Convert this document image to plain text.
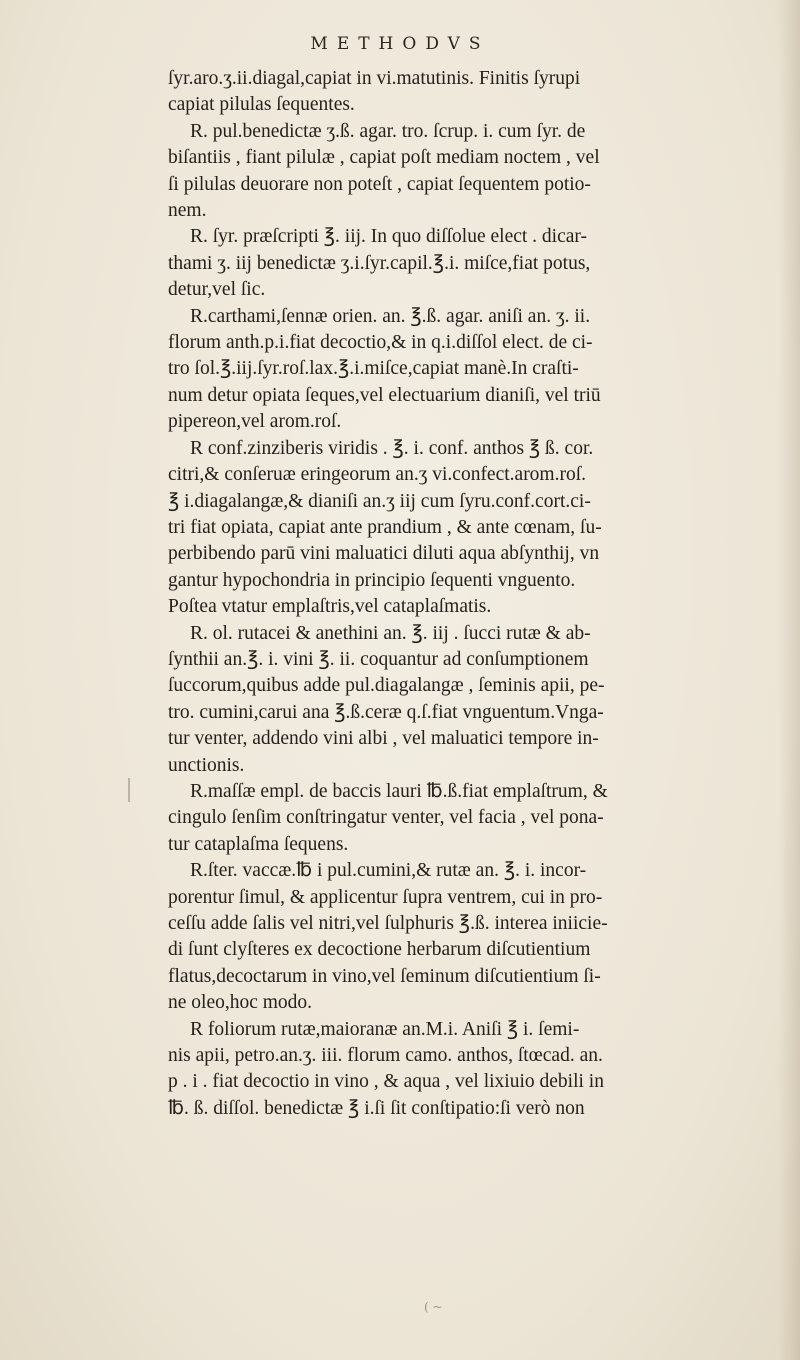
METHODVS
ſyr.aro.ʒ.ii.diagal,capiat in vi.matutinis. Finitis ſyrupi
capiat pilulas ſequentes.
R. pul.benedictæ ʒ.ß. agar. tro. ſcrup. i. cum ſyr. de
biſantiis , fiant pilulæ , capiat poſt mediam noctem , vel
ſi pilulas deuorare non poteſt , capiat ſequentem potio-
nem.
R. ſyr. præſcripti ℥. iij. In quo diſſolue elect . dicar-
thami ʒ. iij benedictæ ʒ.i.ſyr.capil.℥.i. miſce,fiat potus,
detur,vel ſic.
R.carthami,ſennæ orien. an. ℥.ß. agar. aniſi an. ʒ. ii.
florum anth.p.i.fiat decoctio,& in q.i.diſſol elect. de ci-
tro ſol.℥.iij.ſyr.roſ.lax.℥.i.miſce,capiat manè.In craſti-
num detur opiata ſeques,vel electuarium dianiſi, vel triū
pipereon,vel arom.roſ.
R conf.zinziberis viridis . ℥. i. conf. anthos ℥ ß. cor.
citri,& conſeruæ eringeorum an.ʒ vi.confect.arom.roſ.
℥ i.diagalangæ,& dianiſi an.ʒ iij cum ſyru.conf.cort.ci-
tri fiat opiata, capiat ante prandium , & ante cœnam, ſu-
perbibendo parū vini maluatici diluti aqua abſynthij, vn
gantur hypochondria in principio ſequenti vnguento.
Poſtea vtatur emplaſtris,vel cataplaſmatis.
R. ol. rutacei & anethini an. ℥. iij . ſucci rutæ & ab-
ſynthii an.℥. i. vini ℥. ii. coquantur ad conſumptionem
ſuccorum,quibus adde pul.diagalangæ , ſeminis apii, pe-
tro. cumini,carui ana ℥.ß.ceræ q.ſ.fiat vnguentum.Vnga-
tur venter, addendo vini albi , vel maluatici tempore in-
unctionis.
R.maſſæ empl. de baccis lauri ℔.ß.fiat emplaſtrum, &
cingulo ſenſim conſtringatur venter, vel facia , vel pona-
tur cataplaſma ſequens.
R.ſter. vaccæ.℔ i pul.cumini,& rutæ an. ℥. i. incor-
porentur ſimul, & applicentur ſupra ventrem, cui in pro-
ceſſu adde ſalis vel nitri,vel ſulphuris ℥.ß. interea iniicie-
di ſunt clyſteres ex decoctione herbarum diſcutientium
flatus,decoctarum in vino,vel ſeminum diſcutientium ſi-
ne oleo,hoc modo.
R foliorum rutæ,maioranæ an.M.i. Aniſi ℥ i. ſemi-
nis apii, petro.an.ʒ. iii. florum camo. anthos, ſtœcad. an.
p . i . fiat decoctio in vino , & aqua , vel lixiuio debili in
℔. ß. diſſol. benedictæ ℥ i.ſi ſit conſtipatio:ſi verò non
( ~
